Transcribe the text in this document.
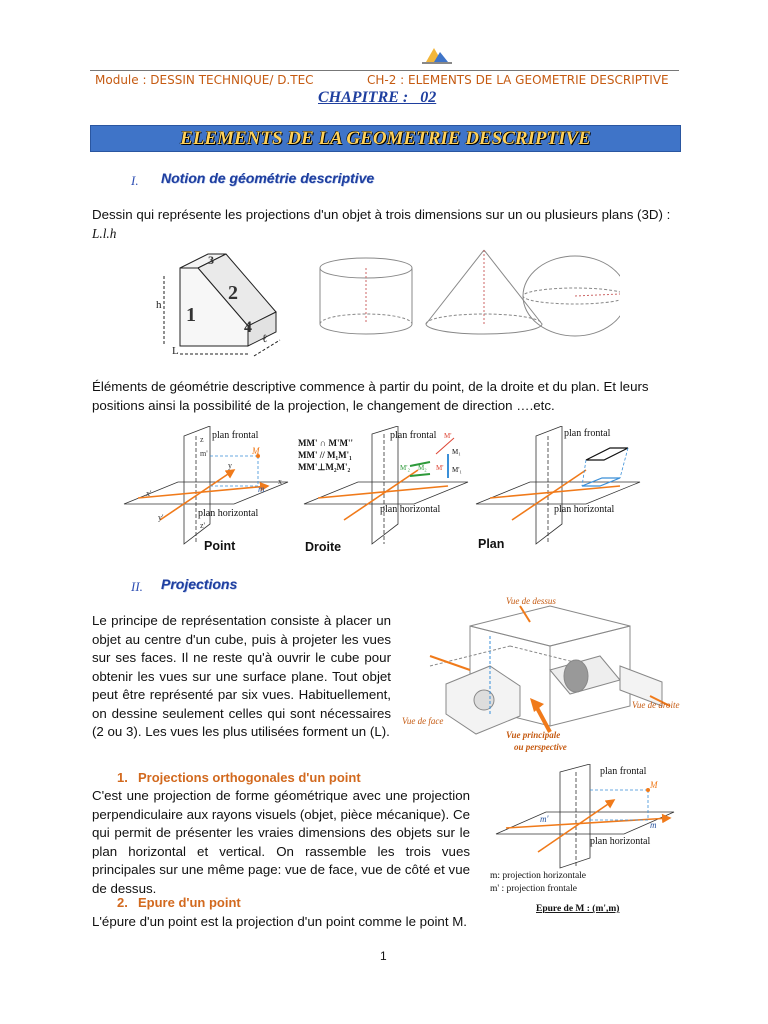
Module : DESSIN TECHNIQUE/ D.TEC	CH-2 : ELEMENTS DE LA GEOMETRIE DESCRIPTIVE
CHAPITRE :   02
ELEMENTS DE LA GEOMETRIE DESCRIPTIVE
I. Notion de géométrie descriptive
Dessin qui représente les projections d'un objet à trois dimensions sur un ou plusieurs plans (3D) : L.l.h
h
L
ℓ
1
2
3
4
Éléments de géométrie descriptive commence à partir du point, de la droite et du plan. Et leurs positions ainsi la possibilité de la projection, le changement de direction ….etc.
plan frontal
plan horizontal
M
m'
m
z
y
x'
y'
z'
x
MM' ∩ M'M''
MM' // M₁M'₁
MM'⊥M₂M'₂
plan frontal
plan horizontal
M'
M₁
M₂	M'₁
M'₂	M'
plan frontal
plan horizontal
Point	Droite	Plan
II. Projections
Le principe de représentation consiste à placer un objet au centre d'un cube, puis à projeter les vues sur ses faces. Il ne reste qu'à ouvrir le cube pour obtenir les vues sur une surface plane. Tout objet peut être représenté par six vues. Habituellement, on dessine seulement celles qui sont nécessaires (2 ou 3). Les vues les plus utilisées forment un (L).
Vue de dessus
Vue de droite
Vue de face
Vue principale
ou perspective
1. Projections orthogonales d'un point
C'est une projection de forme géométrique avec une projection perpendiculaire aux rayons visuels (objet, pièce mécanique). Ce qui permit de présenter les vraies dimensions des objets sur le plan horizontal et vertical. On rassemble les trois vues principales sur une même page: vue de face, vue de côté et vue de dessus.
plan frontal
plan horizontal
M
m
m'
m: projection horizontale
m' : projection frontale
Epure de M : (m',m)
2. Epure d'un point
L'épure d'un point est la projection d'un point comme le point M.
1
